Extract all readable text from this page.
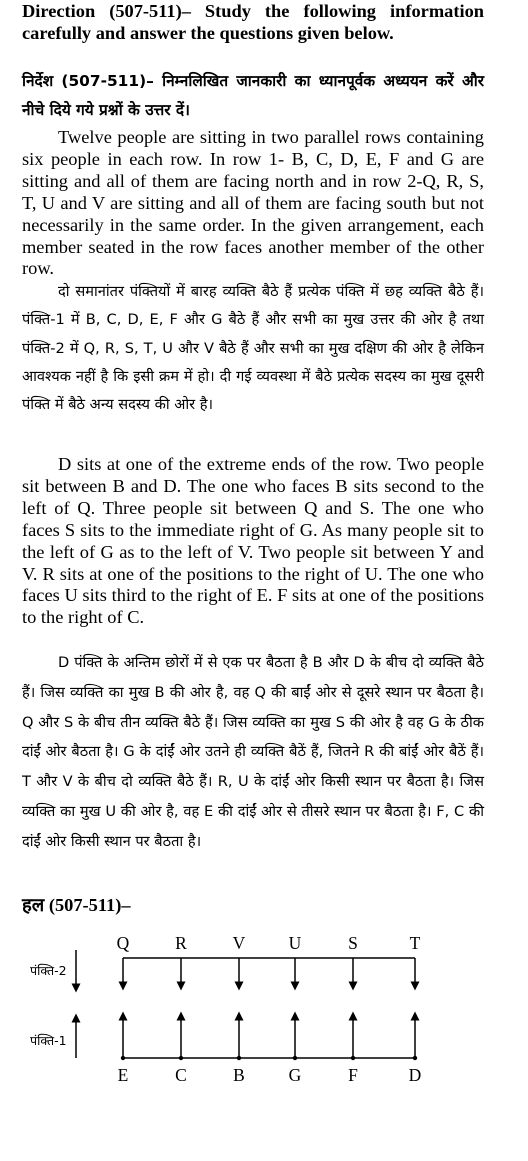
Direction (507-511)– Study the following information carefully and answer the questions given below.

निर्देश (507-511)– निम्नलिखित जानकारी का ध्यानपूर्वक अध्ययन करें और नीचे दिये गये प्रश्नों के उत्तर दें।

Twelve people are sitting in two parallel rows containing six people in each row. In row 1- B, C, D, E, F and G are sitting and all of them are facing north and in row 2-Q, R, S, T, U and V are sitting and all of them are facing south but not necessarily in the same order. In the given arrangement, each member seated in the row faces another member of the other row.

दो समानांतर पंक्तियों में बारह व्यक्ति बैठे हैं प्रत्येक पंक्ति में छह व्यक्ति बैठे हैं। पंक्ति-1 में B, C, D, E, F और G बैठे हैं और सभी का मुख उत्तर की ओर है तथा पंक्ति-2 में Q, R, S, T, U और V बैठे हैं और सभी का मुख दक्षिण की ओर है लेकिन आवश्यक नहीं है कि इसी क्रम में हो। दी गई व्यवस्था में बैठे प्रत्येक सदस्य का मुख दूसरी पंक्ति में बैठे अन्य सदस्य की ओर है।

D sits at one of the extreme ends of the row. Two people sit between B and D. The one who faces B sits second to the left of Q. Three people sit between Q and S. The one who faces S sits to the immediate right of G. As many people sit to the left of G as to the left of V. Two people sit between Y and V. R sits at one of the positions to the right of U. The one who faces U sits third to the right of E. F sits at one of the positions to the right of C.

D पंक्ति के अन्तिम छोरों में से एक पर बैठता है B और D के बीच दो व्यक्ति बैठे हैं। जिस व्यक्ति का मुख B की ओर है, वह Q की बाईं ओर से दूसरे स्थान पर बैठता है। Q और S के बीच तीन व्यक्ति बैठे हैं। जिस व्यक्ति का मुख S की ओर है वह G के ठीक दांईं ओर बैठता है। G के दांईं ओर उतने ही व्यक्ति बैठें हैं, जितने R की बांईं ओर बैठें हैं। T और V के बीच दो व्यक्ति बैठे हैं। R, U के दांईं ओर किसी स्थान पर बैठता है। जिस व्यक्ति का मुख U की ओर है, वह E की दांईं ओर से तीसरे स्थान पर बैठता है। F, C की दांईं ओर किसी स्थान पर बैठता है।

हल (507-511)–

पंक्ति-2
पंक्ति-1
Q	R	V U	S	T
E	C	B	G	F	D
